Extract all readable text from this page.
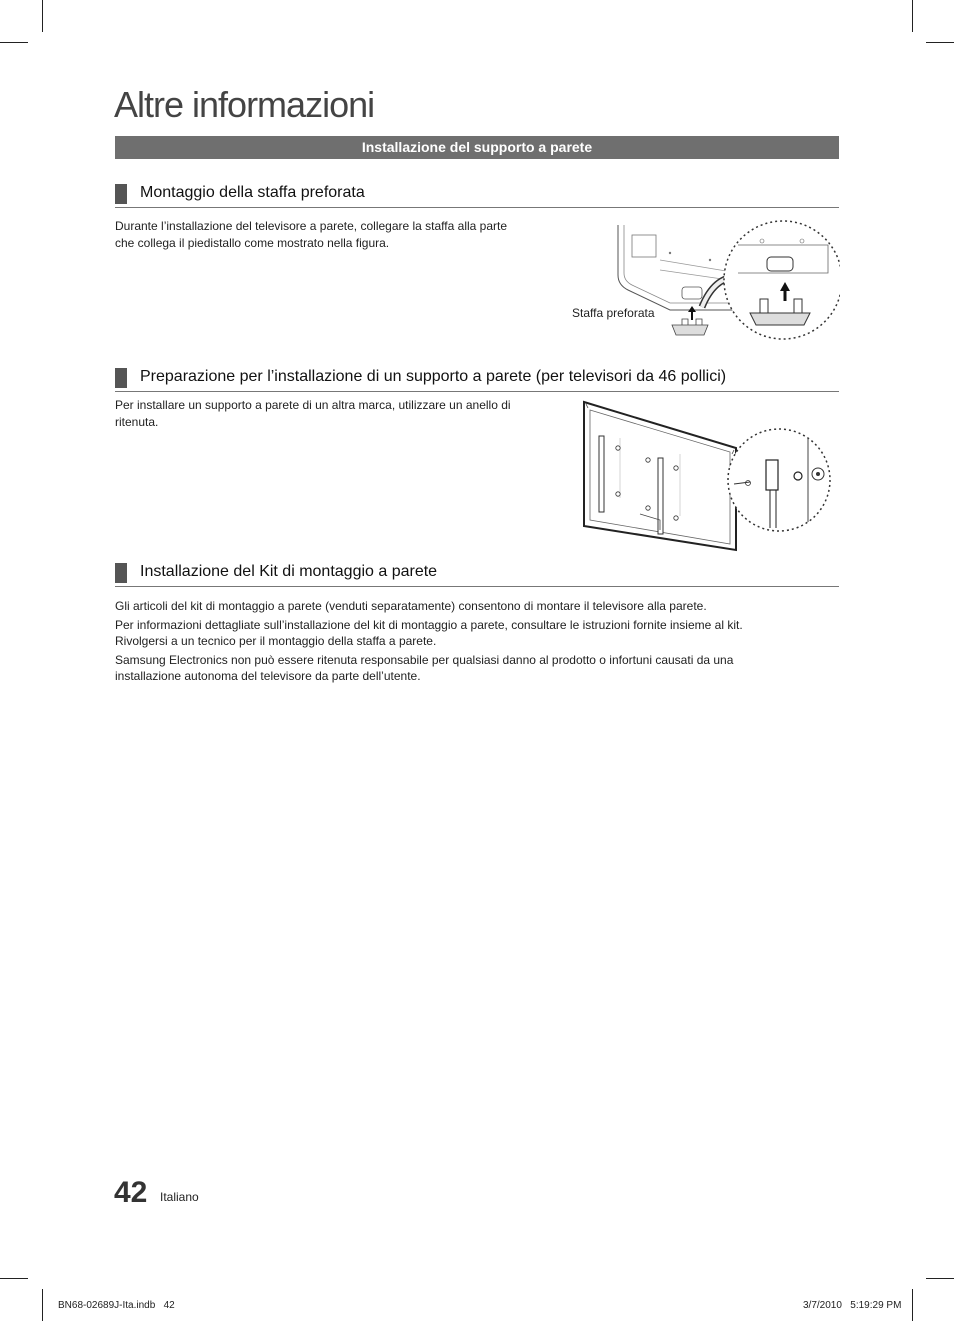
Altre informazioni
Installazione del supporto a parete
Montaggio della staffa preforata

Durante l’installazione del televisore a parete, collegare la staffa alla parte
che collega il piedistallo come mostrato nella figura.

Staffa preforata
Preparazione per l’installazione di un supporto a parete (per televisori da 46 pollici)

Per installare un supporto a parete di un altra marca, utilizzare un anello di
ritenuta.

Installazione del Kit di montaggio a parete
Gli articoli del kit di montaggio a parete (venduti separatamente) consentono di montare il televisore alla parete.
Per informazioni dettagliate sull’installazione del kit di montaggio a parete, consultare le istruzioni fornite insieme al kit.
Rivolgersi a un tecnico per il montaggio della staffa a parete.
Samsung Electronics non può essere ritenuta responsabile per qualsiasi danno al prodotto o infortuni causati da una
installazione autonoma del televisore da parte dell’utente.
42 Italiano
BN68-02689J-Ita.indb   42	3/7/2010   5:19:29 PM
